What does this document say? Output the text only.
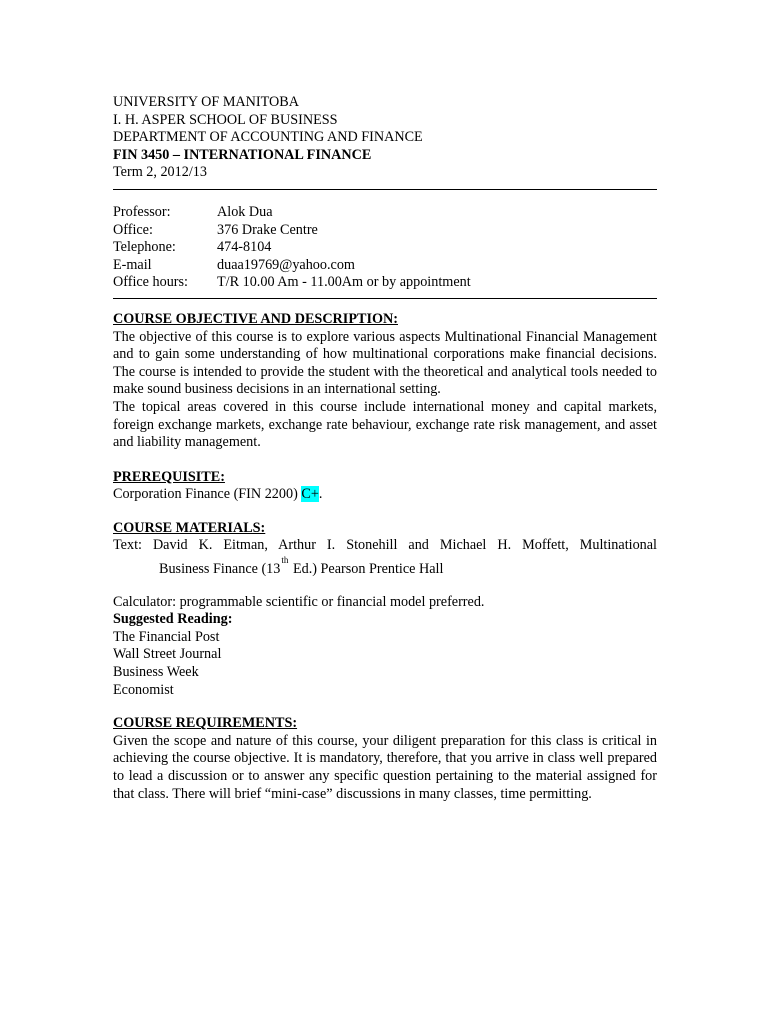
UNIVERSITY OF MANITOBA
I. H. ASPER SCHOOL OF BUSINESS
DEPARTMENT OF ACCOUNTING AND FINANCE
FIN 3450 – INTERNATIONAL FINANCE
Term 2, 2012/13
Professor:	Alok Dua
Office:	376 Drake Centre
Telephone:	474-8104
E-mail	duaa19769@yahoo.com
Office hours:	T/R 10.00 Am - 11.00Am or by appointment
COURSE OBJECTIVE AND DESCRIPTION:
The objective of this course is to explore various aspects Multinational Financial Management and to gain some understanding of how multinational corporations make financial decisions. The course is intended to provide the student with the theoretical and analytical tools needed to make sound business decisions in an international setting.
The topical areas covered in this course include international money and capital markets, foreign exchange markets, exchange rate behaviour, exchange rate risk management, and asset and liability management.
PREREQUISITE:
Corporation Finance (FIN 2200) C+.
COURSE MATERIALS:
Text: David K. Eitman, Arthur I. Stonehill and Michael H. Moffett, Multinational
Business Finance (13th Ed.) Pearson Prentice Hall
Calculator: programmable scientific or financial model preferred.
Suggested Reading:
The Financial Post
Wall Street Journal
Business Week
Economist
COURSE REQUIREMENTS:
Given the scope and nature of this course, your diligent preparation for this class is critical in achieving the course objective. It is mandatory, therefore, that you arrive in class well prepared to lead a discussion or to answer any specific question pertaining to the material assigned for that class. There will brief “mini-case” discussions in many classes, time permitting.
